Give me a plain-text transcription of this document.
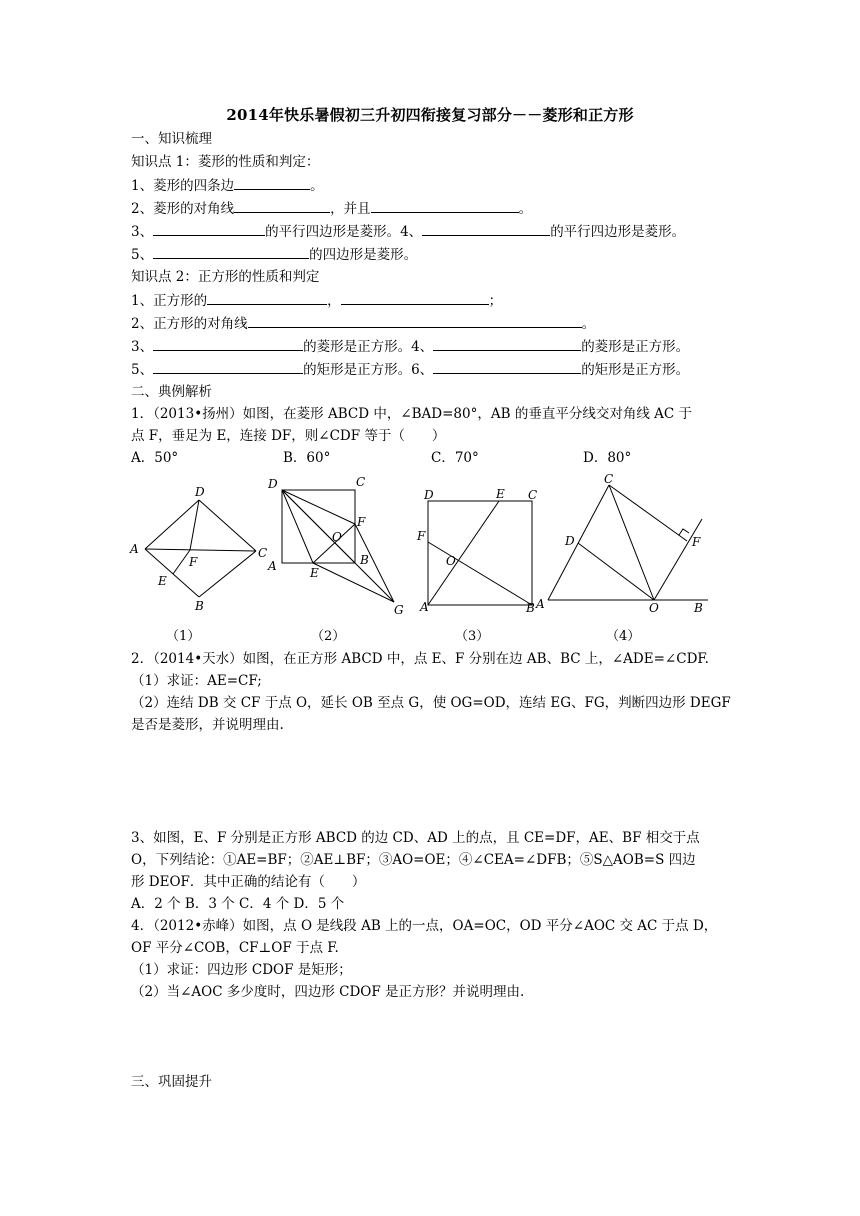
2014年快乐暑假初三升初四衔接复习部分－－菱形和正方形
一、知识梳理
知识点 1：菱形的性质和判定：
1、菱形的四条边	。
2、菱形的对角线	，并且	。
3、	的平行四边形是菱形。4、	的平行四边形是菱形。
5、	的四边形是菱形。
知识点 2：正方形的性质和判定
1、正方形的	，	；
2、正方形的对角线	。
3、	的菱形是正方形。4、	的菱形是正方形。
5、	的矩形是正方形。6、	的矩形是正方形。
二、典例解析
1．（2013•扬州）如图，在菱形 ABCD 中，∠BAD=80°，AB 的垂直平分线交对角线 AC 于
点 F，垂足为 E，连接 DF，则∠CDF 等于（　　）
A．50°	B．60°	C．70°	D．80°
D
A
F
C
E
B
D	C
F
O
B
A	E
G
D	E C
F
O
A	B A
C
D	F
O	B
（1）	（2）	（3）	（4）
2．（2014•天水）如图，在正方形 ABCD 中，点 E、F 分别在边 AB、BC 上，∠ADE=∠CDF.
（1）求证：AE=CF;
（2）连结 DB 交 CF 于点 O，延长 OB 至点 G，使 OG=OD，连结 EG、FG，判断四边形 DEGF
是否是菱形，并说明理由.
3、如图，E、F 分别是正方形 ABCD 的边 CD、AD 上的点，且 CE=DF，AE、BF 相交于点
O，下列结论：①AE=BF；②AE⊥BF；③AO=OE；④∠CEA=∠DFB；⑤S△AOB=S 四边
形 DEOF．其中正确的结论有（　　）
A．2 个 B．3 个 C．4 个 D．5 个
4．（2012•赤峰）如图，点 O 是线段 AB 上的一点，OA=OC，OD 平分∠AOC 交 AC 于点 D，
OF 平分∠COB，CF⊥OF 于点 F.
（1）求证：四边形 CDOF 是矩形；
（2）当∠AOC 多少度时，四边形 CDOF 是正方形？并说明理由.
三、巩固提升
